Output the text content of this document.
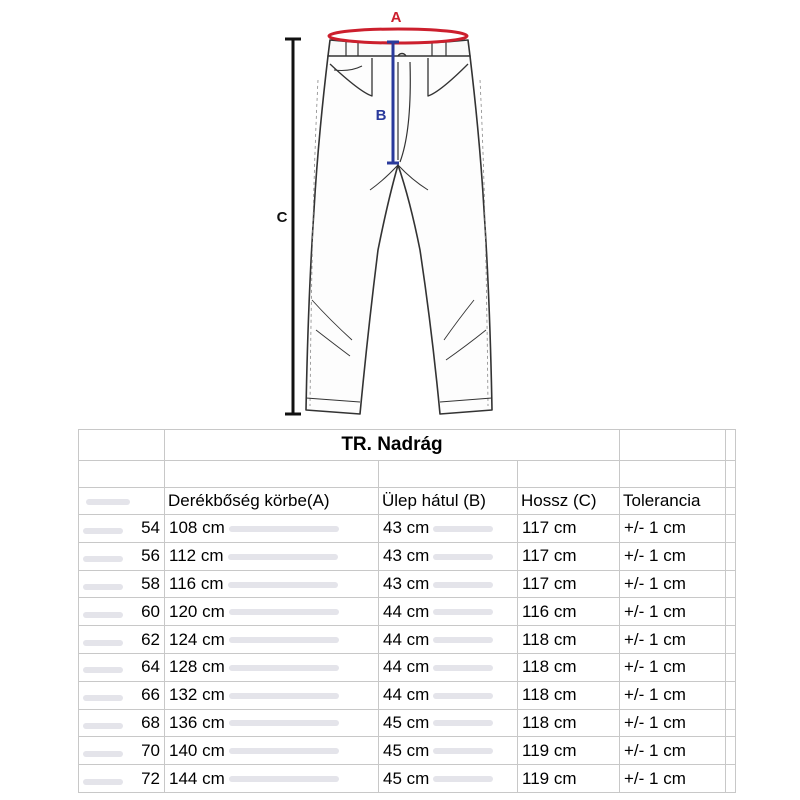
A
B
C
	TR. Nadrág				

	Derékbőség körbe(A)	Ülep hátul (B)	Hossz (C)	Tolerancia	

54	108 cm	43 cm	117 cm	+/- 1 cm	

56	112 cm	43 cm	117 cm	+/- 1 cm	

58	116 cm	43 cm	117 cm	+/- 1 cm	

60	120 cm	44 cm	116 cm	+/- 1 cm	

62	124 cm	44 cm	118 cm	+/- 1 cm	

64	128 cm	44 cm	118 cm	+/- 1 cm	

66	132 cm	44 cm	118 cm	+/- 1 cm	

68	136 cm	45 cm	118 cm	+/- 1 cm	

70	140 cm	45 cm	119 cm	+/- 1 cm	

72	144 cm	45 cm	119 cm	+/- 1 cm	
